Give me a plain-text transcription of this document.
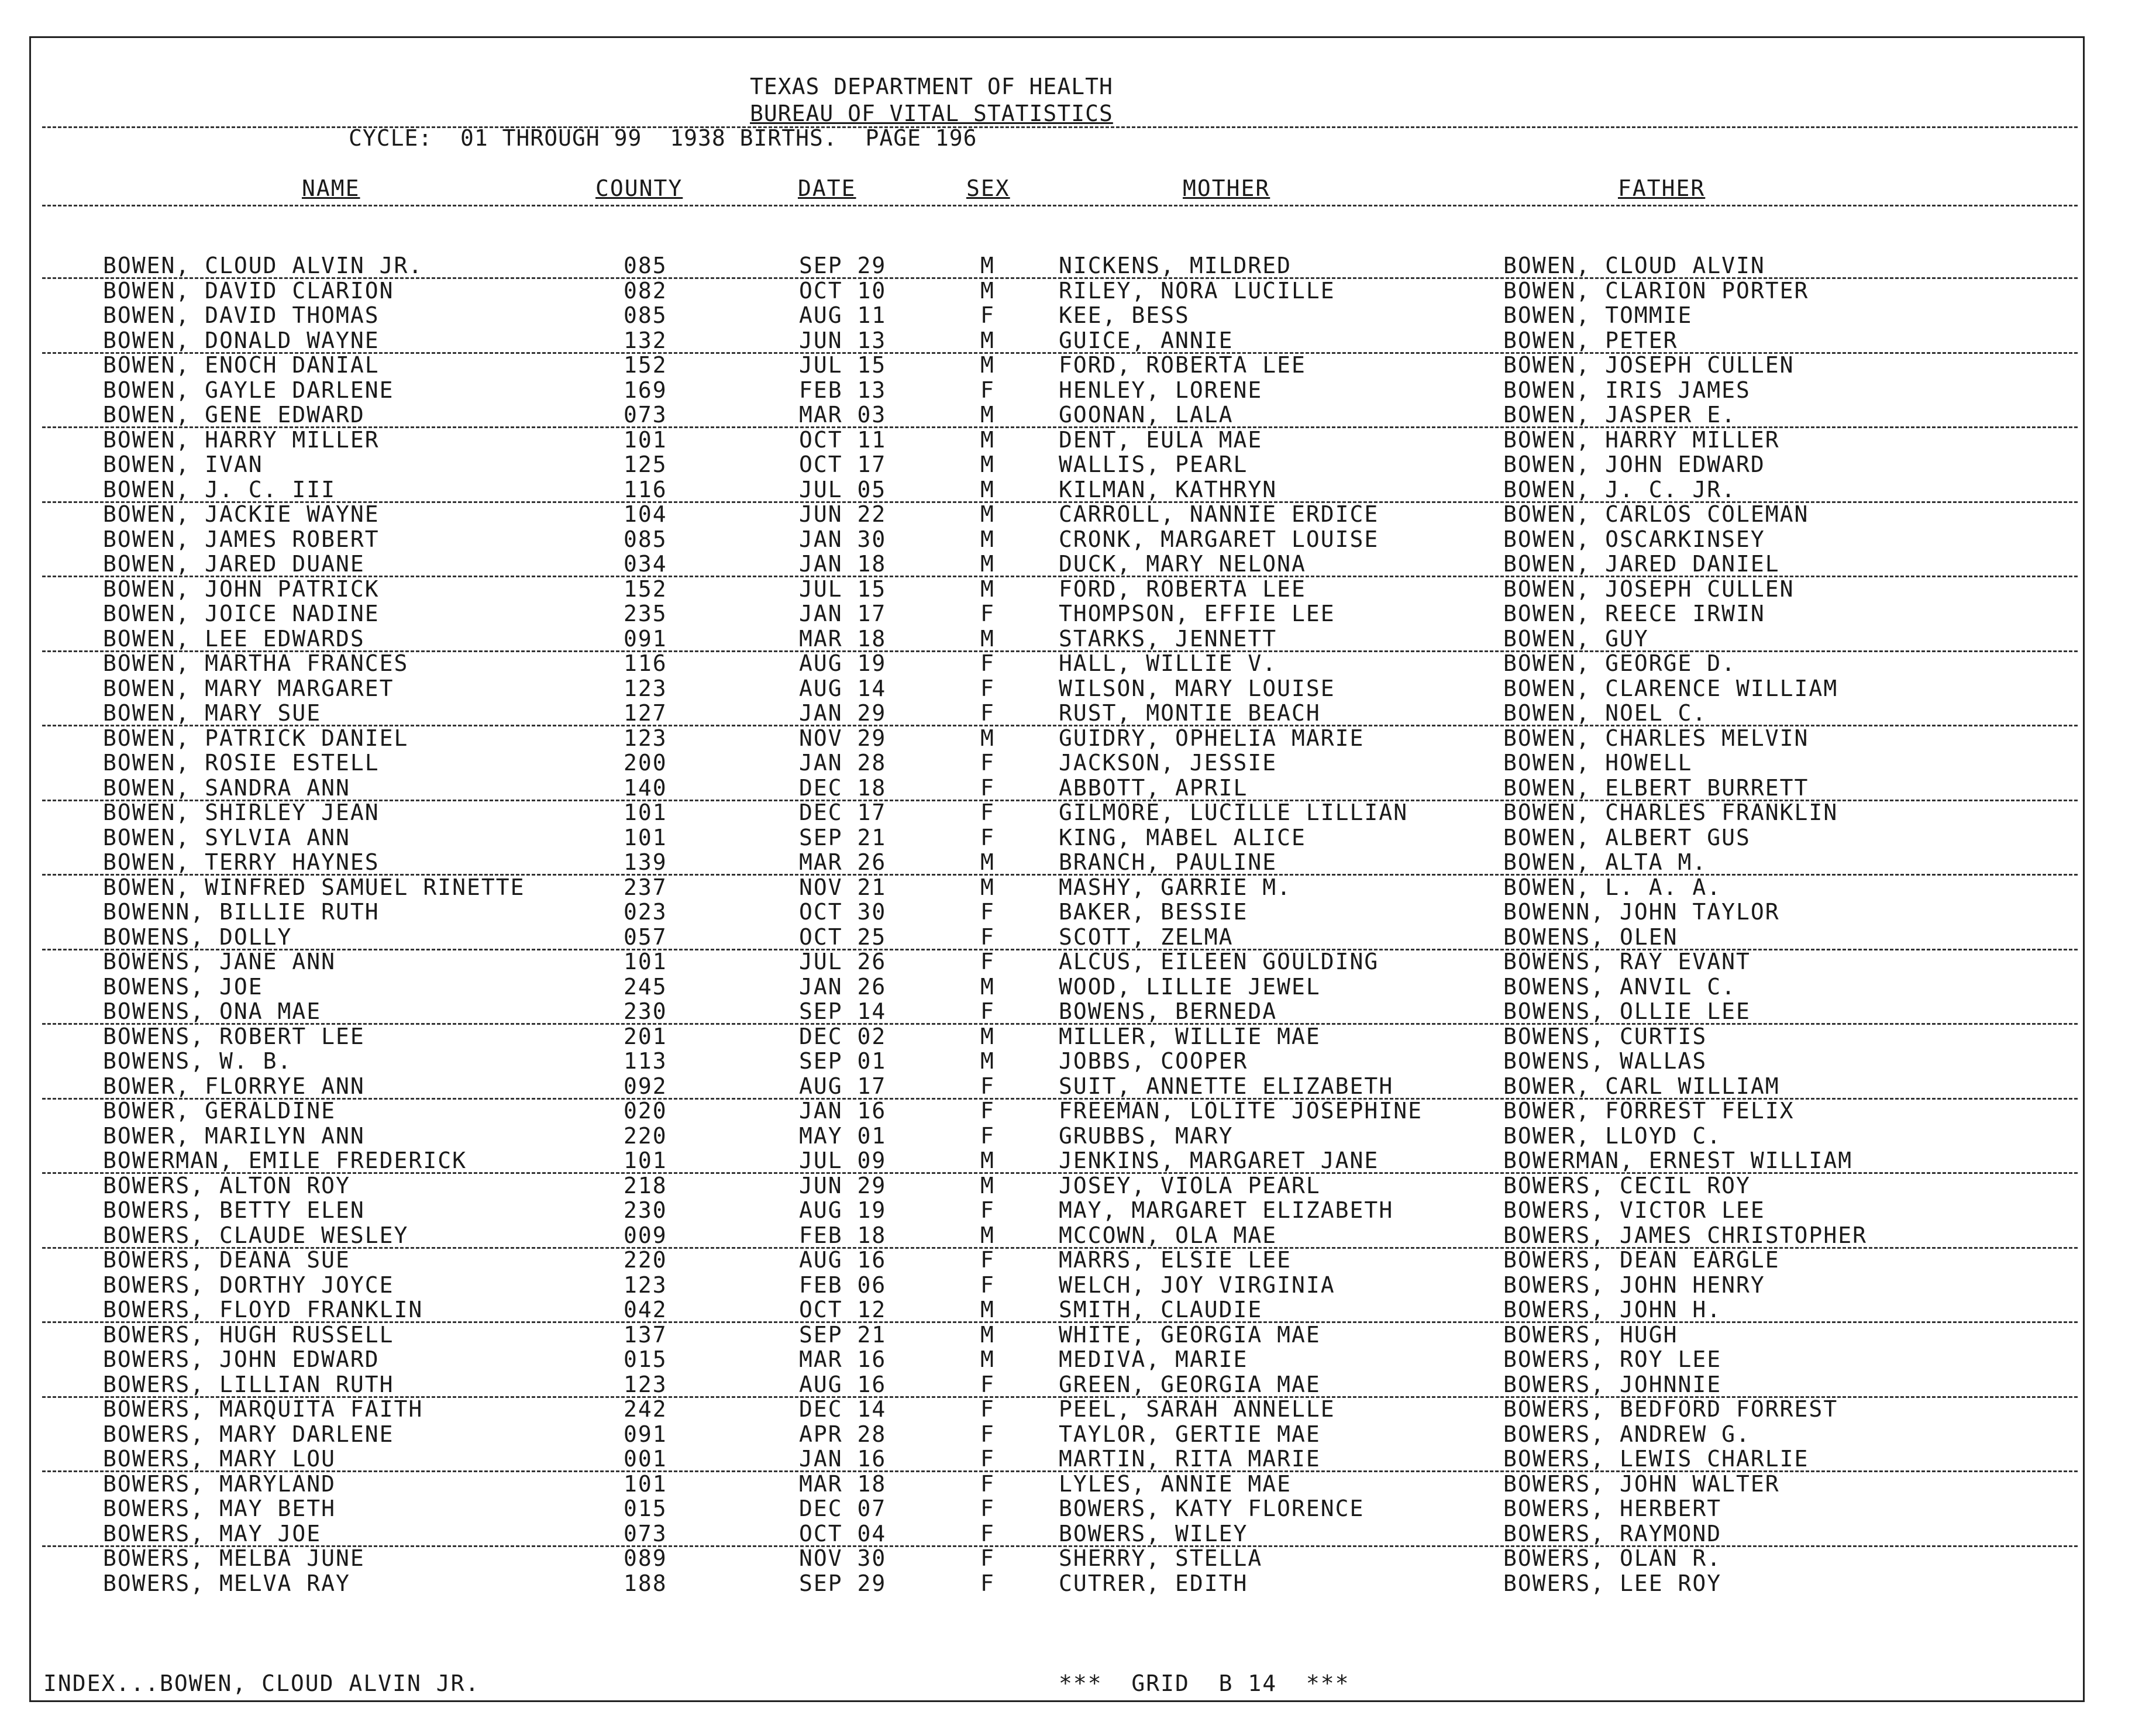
TEXAS DEPARTMENT OF HEALTH
BUREAU OF VITAL STATISTICS
CYCLE:  01 THROUGH 99  1938 BIRTHS.  PAGE 196
NAME	COUNTY	DATE	SEX	MOTHER	FATHER
BOWEN, CLOUD ALVIN JR.	085	SEP 29	M	NICKENS, MILDRED	BOWEN, CLOUD ALVIN
BOWEN, DAVID CLARION	082	OCT 10	M	RILEY, NORA LUCILLE	BOWEN, CLARION PORTER
BOWEN, DAVID THOMAS	085	AUG 11	F	KEE, BESS	BOWEN, TOMMIE
BOWEN, DONALD WAYNE	132	JUN 13	M	GUICE, ANNIE	BOWEN, PETER
BOWEN, ENOCH DANIAL	152	JUL 15	M	FORD, ROBERTA LEE	BOWEN, JOSEPH CULLEN
BOWEN, GAYLE DARLENE	169	FEB 13	F	HENLEY, LORENE	BOWEN, IRIS JAMES
BOWEN, GENE EDWARD	073	MAR 03	M	GOONAN, LALA	BOWEN, JASPER E.
BOWEN, HARRY MILLER	101	OCT 11	M	DENT, EULA MAE	BOWEN, HARRY MILLER
BOWEN, IVAN	125	OCT 17	M	WALLIS, PEARL	BOWEN, JOHN EDWARD
BOWEN, J. C. III	116	JUL 05	M	KILMAN, KATHRYN	BOWEN, J. C. JR.
BOWEN, JACKIE WAYNE	104	JUN 22	M	CARROLL, NANNIE ERDICE	BOWEN, CARLOS COLEMAN
BOWEN, JAMES ROBERT	085	JAN 30	M	CRONK, MARGARET LOUISE	BOWEN, OSCARKINSEY
BOWEN, JARED DUANE	034	JAN 18	M	DUCK, MARY NELONA	BOWEN, JARED DANIEL
BOWEN, JOHN PATRICK	152	JUL 15	M	FORD, ROBERTA LEE	BOWEN, JOSEPH CULLEN
BOWEN, JOICE NADINE	235	JAN 17	F	THOMPSON, EFFIE LEE	BOWEN, REECE IRWIN
BOWEN, LEE EDWARDS	091	MAR 18	M	STARKS, JENNETT	BOWEN, GUY
BOWEN, MARTHA FRANCES	116	AUG 19	F	HALL, WILLIE V.	BOWEN, GEORGE D.
BOWEN, MARY MARGARET	123	AUG 14	F	WILSON, MARY LOUISE	BOWEN, CLARENCE WILLIAM
BOWEN, MARY SUE	127	JAN 29	F	RUST, MONTIE BEACH	BOWEN, NOEL C.
BOWEN, PATRICK DANIEL	123	NOV 29	M	GUIDRY, OPHELIA MARIE	BOWEN, CHARLES MELVIN
BOWEN, ROSIE ESTELL	200	JAN 28	F	JACKSON, JESSIE	BOWEN, HOWELL
BOWEN, SANDRA ANN	140	DEC 18	F	ABBOTT, APRIL	BOWEN, ELBERT BURRETT
BOWEN, SHIRLEY JEAN	101	DEC 17	F	GILMORE, LUCILLE LILLIAN	BOWEN, CHARLES FRANKLIN
BOWEN, SYLVIA ANN	101	SEP 21	F	KING, MABEL ALICE	BOWEN, ALBERT GUS
BOWEN, TERRY HAYNES	139	MAR 26	M	BRANCH, PAULINE	BOWEN, ALTA M.
BOWEN, WINFRED SAMUEL RINETTE	237	NOV 21	M	MASHY, GARRIE M.	BOWEN, L. A. A.
BOWENN, BILLIE RUTH	023	OCT 30	F	BAKER, BESSIE	BOWENN, JOHN TAYLOR
BOWENS, DOLLY	057	OCT 25	F	SCOTT, ZELMA	BOWENS, OLEN
BOWENS, JANE ANN	101	JUL 26	F	ALCUS, EILEEN GOULDING	BOWENS, RAY EVANT
BOWENS, JOE	245	JAN 26	M	WOOD, LILLIE JEWEL	BOWENS, ANVIL C.
BOWENS, ONA MAE	230	SEP 14	F	BOWENS, BERNEDA	BOWENS, OLLIE LEE
BOWENS, ROBERT LEE	201	DEC 02	M	MILLER, WILLIE MAE	BOWENS, CURTIS
BOWENS, W. B.	113	SEP 01	M	JOBBS, COOPER	BOWENS, WALLAS
BOWER, FLORRYE ANN	092	AUG 17	F	SUIT, ANNETTE ELIZABETH	BOWER, CARL WILLIAM
BOWER, GERALDINE	020	JAN 16	F	FREEMAN, LOLITE JOSEPHINE	BOWER, FORREST FELIX
BOWER, MARILYN ANN	220	MAY 01	F	GRUBBS, MARY	BOWER, LLOYD C.
BOWERMAN, EMILE FREDERICK	101	JUL 09	M	JENKINS, MARGARET JANE	BOWERMAN, ERNEST WILLIAM
BOWERS, ALTON ROY	218	JUN 29	M	JOSEY, VIOLA PEARL	BOWERS, CECIL ROY
BOWERS, BETTY ELEN	230	AUG 19	F	MAY, MARGARET ELIZABETH	BOWERS, VICTOR LEE
BOWERS, CLAUDE WESLEY	009	FEB 18	M	MCCOWN, OLA MAE	BOWERS, JAMES CHRISTOPHER
BOWERS, DEANA SUE	220	AUG 16	F	MARRS, ELSIE LEE	BOWERS, DEAN EARGLE
BOWERS, DORTHY JOYCE	123	FEB 06	F	WELCH, JOY VIRGINIA	BOWERS, JOHN HENRY
BOWERS, FLOYD FRANKLIN	042	OCT 12	M	SMITH, CLAUDIE	BOWERS, JOHN H.
BOWERS, HUGH RUSSELL	137	SEP 21	M	WHITE, GEORGIA MAE	BOWERS, HUGH
BOWERS, JOHN EDWARD	015	MAR 16	M	MEDIVA, MARIE	BOWERS, ROY LEE
BOWERS, LILLIAN RUTH	123	AUG 16	F	GREEN, GEORGIA MAE	BOWERS, JOHNNIE
BOWERS, MARQUITA FAITH	242	DEC 14	F	PEEL, SARAH ANNELLE	BOWERS, BEDFORD FORREST
BOWERS, MARY DARLENE	091	APR 28	F	TAYLOR, GERTIE MAE	BOWERS, ANDREW G.
BOWERS, MARY LOU	001	JAN 16	F	MARTIN, RITA MARIE	BOWERS, LEWIS CHARLIE
BOWERS, MARYLAND	101	MAR 18	F	LYLES, ANNIE MAE	BOWERS, JOHN WALTER
BOWERS, MAY BETH	015	DEC 07	F	BOWERS, KATY FLORENCE	BOWERS, HERBERT
BOWERS, MAY JOE	073	OCT 04	F	BOWERS, WILEY	BOWERS, RAYMOND
BOWERS, MELBA JUNE	089	NOV 30	F	SHERRY, STELLA	BOWERS, OLAN R.
BOWERS, MELVA RAY	188	SEP 29	F	CUTRER, EDITH	BOWERS, LEE ROY
INDEX...BOWEN, CLOUD ALVIN JR.	***  GRID  B 14  ***
